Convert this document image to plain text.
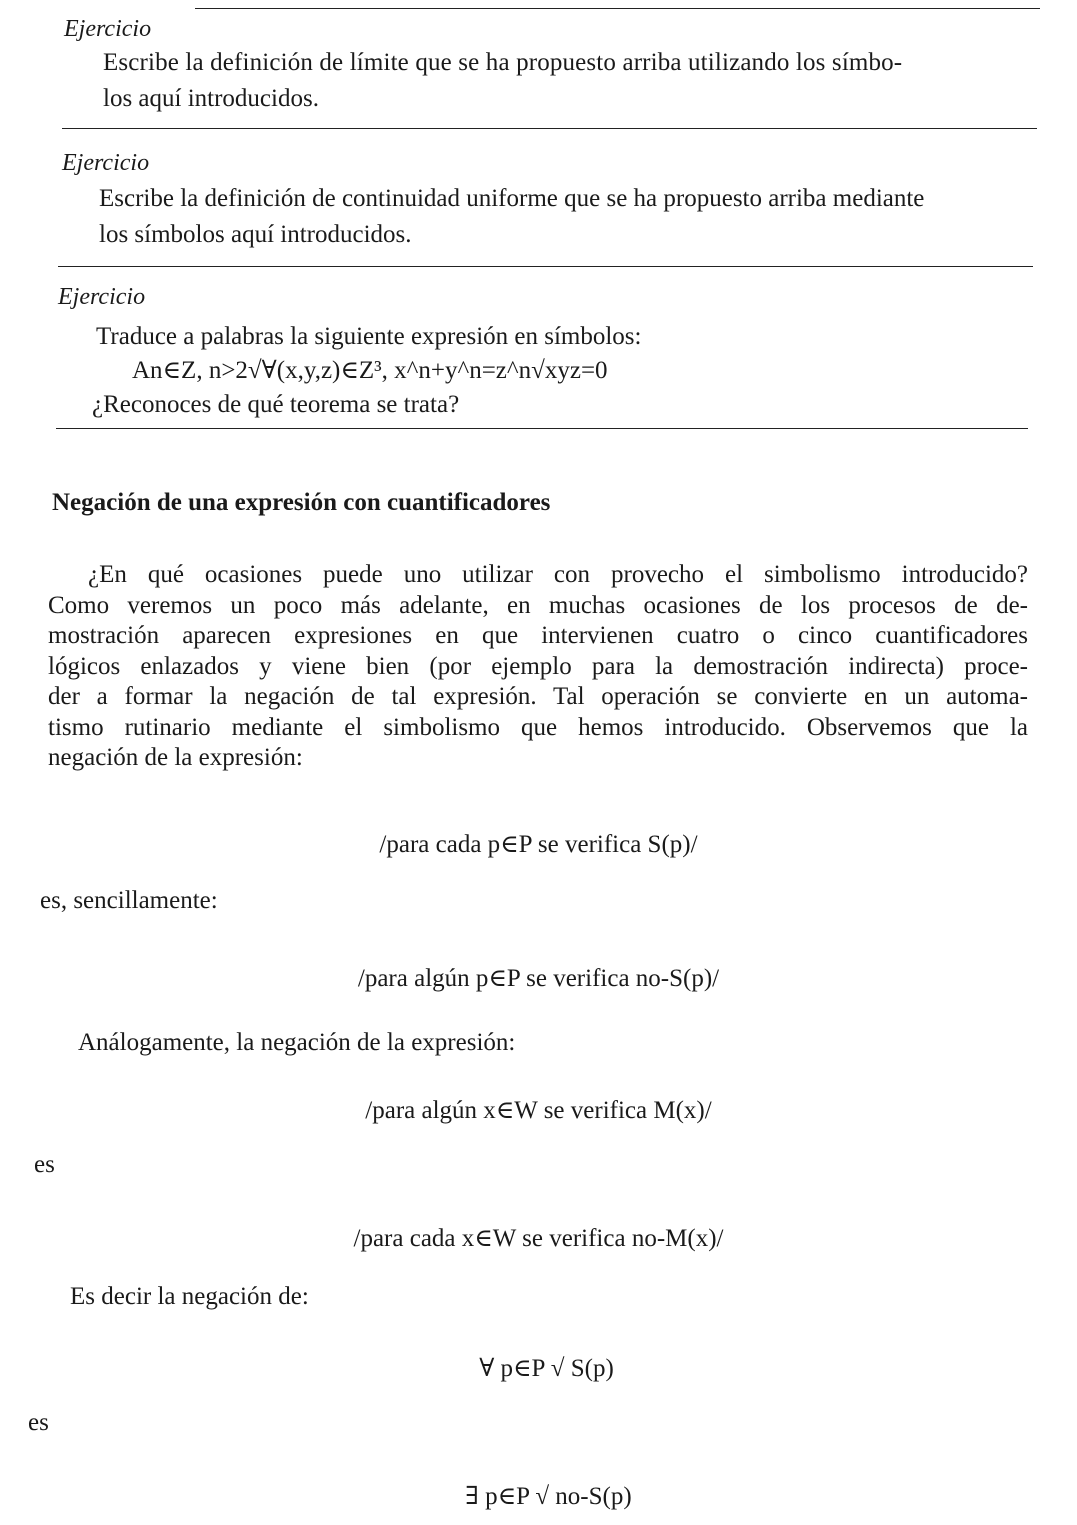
Ejercicio
Escribe la definición de límite que se ha propuesto arriba utilizando los símbo-
los aquí introducidos.
Ejercicio
Escribe la definición de continuidad uniforme que se ha propuesto arriba mediante
los símbolos aquí introducidos.
Ejercicio
Traduce a palabras la siguiente expresión en símbolos:
An∈Z, n>2√∀(x,y,z)∈Z³, x^n+y^n=z^n√xyz=0
¿Reconoces de qué teorema se trata?
Negación de una expresión con cuantificadores
¿En qué ocasiones puede uno utilizar con provecho el simbolismo introducido?
Como veremos un poco más adelante, en muchas ocasiones de los procesos de de-
mostración aparecen expresiones en que intervienen cuatro o cinco cuantificadores
lógicos enlazados y viene bien (por ejemplo para la demostración indirecta) proce-
der a formar la negación de tal expresión. Tal operación se convierte en un automa-
tismo rutinario mediante el simbolismo que hemos introducido. Observemos que la
negación de la expresión:
/para cada p∈P se verifica S(p)/
es, sencillamente:
/para algún p∈P se verifica no-S(p)/
Análogamente, la negación de la expresión:
/para algún x∈W se verifica M(x)/
es
/para cada x∈W se verifica no-M(x)/
Es decir la negación de:
∀ p∈P √ S(p)
es
∃ p∈P √ no-S(p)
